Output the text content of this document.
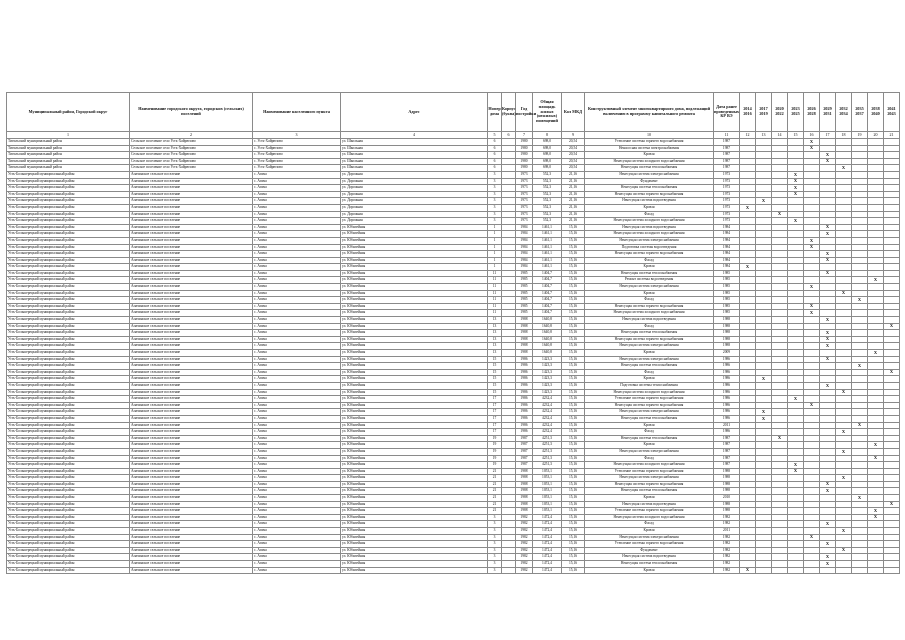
Муниципальный район, Городской округ	Наименование городского округа, городских (сельских) поселений	Наименование населенного пункта	Адрес	Номер дома	Корпус (буква)	Год постройки	Общая площадь жилых (нежилых) помещений	Кол МКД	Конструктивный элемент многоквартирного дома, подлежащий включению в программу капитального ремонта	Дата ранее проведенных КР ВЭ	2014 2016	2017 2019	2020 2022	2023 2025	2026 2028	2029 2031	2032 2034	2035 2037	2038 2040	2041 2043
1	2	3	4	5	6	7	8	9	10	11	12	13	14	15	16	17	18	19	20	21
Тигильский муниципальный район	Сельское поселение село Усть-Хайрюзово	с. Усть-Хайрюзово	ул. Школьная	6		1980	698,0	20,54	Утепление системы горячего водоснабжения	1987					X					
Тигильский муниципальный район	Сельское поселение село Усть-Хайрюзово	с. Усть-Хайрюзово	ул. Школьная	6		1980	698,0	20,54	Ненасосная система электроснабжения	1987					X					
Тигильский муниципальный район	Сельское поселение село Усть-Хайрюзово	с. Усть-Хайрюзово	ул. Школьная	6		1980	698,0	20,54	Кровля	1987						X				
Тигильский муниципальный район	Сельское поселение село Усть-Хайрюзово	с. Усть-Хайрюзово	ул. Школьная	6		1980	698,0	20,54	Ненесущая система холодного водоснабжения	1987						X				
Тигильский муниципальный район	Сельское поселение село Усть-Хайрюзово	с. Усть-Хайрюзово	ул. Школьная	6		1980	698,0	20,54	Ненесущая система теплоснабжения	1987							X			
Усть-Большерецкий муниципальный район	Апачинское сельское поселение	с. Апача	ул. Дорожная	3		1973	552,3	21,16	Ненесущая система электроснабжения	1973				X						
Усть-Большерецкий муниципальный район	Апачинское сельское поселение	с. Апача	ул. Дорожная	3		1973	552,3	21,16	Фундамент	1973				X						
Усть-Большерецкий муниципальный район	Апачинское сельское поселение	с. Апача	ул. Дорожная	3		1973	552,3	21,16	Ненесущая система теплоснабжения	1973				X						
Усть-Большерецкий муниципальный район	Апачинское сельское поселение	с. Апача	ул. Дорожная	3		1973	552,3	21,16	Ненесущая система горячего водоснабжения	1973				X						
Усть-Большерецкий муниципальный район	Апачинское сельское поселение	с. Апача	ул. Дорожная	3		1973	552,3	21,16	Ненесущая система водоотведения	1973		X								
Усть-Большерецкий муниципальный район	Апачинское сельское поселение	с. Апача	ул. Дорожная	3		1973	552,3	21,16	Кровля	1973	X									
Усть-Большерецкий муниципальный район	Апачинское сельское поселение	с. Апача	ул. Дорожная	3		1973	552,3	21,16	Фасад	1973			X							
Усть-Большерецкий муниципальный район	Апачинское сельское поселение	с. Апача	ул. Дорожная	3		1973	552,3	21,16	Ненесущая система холодного водоснабжения	1973				X						
Усть-Большерецкий муниципальный район	Апачинское сельское поселение	с. Апача	ул. Юбилейная	1		1984	1461,1	15,16	Ненесущая система водоотведения	1984						X				
Усть-Большерецкий муниципальный район	Апачинское сельское поселение	с. Апача	ул. Юбилейная	1		1984	1461,1	15,16	Ненесущая система холодного водоснабжения	1984						X				
Усть-Большерецкий муниципальный район	Апачинское сельское поселение	с. Апача	ул. Юбилейная	1		1984	1461,1	15,16	Ненесущая система электроснабжения	1984					X					
Усть-Большерецкий муниципальный район	Апачинское сельское поселение	с. Апача	ул. Юбилейная	1		1984	1461,1	15,16	Подготовка системы водоотведения	1984					X					
Усть-Большерецкий муниципальный район	Апачинское сельское поселение	с. Апача	ул. Юбилейная	1		1984	1461,1	15,16	Ненесущая система горячего водоснабжения	1984						X				
Усть-Большерецкий муниципальный район	Апачинское сельское поселение	с. Апача	ул. Юбилейная	1		1984	1461,1	15,16	Фасад	1984						X				
Усть-Большерецкий муниципальный район	Апачинское сельское поселение	с. Апача	ул. Юбилейная	1		1984	1461,1	15,16	Кровля	1984	X									
Усть-Большерецкий муниципальный район	Апачинское сельское поселение	с. Апача	ул. Юбилейная	11		1985	1404,7	15,16	Ненесущая система теплоснабжения	1985						X				
Усть-Большерецкий муниципальный район	Апачинское сельское поселение	с. Апача	ул. Юбилейная	11		1985	1404,7	15,16	Ремонт системы водоотведения	1985									X	
Усть-Большерецкий муниципальный район	Апачинское сельское поселение	с. Апача	ул. Юбилейная	11		1985	1404,7	15,16	Ненесущая система электроснабжения	1985					X					
Усть-Большерецкий муниципальный район	Апачинское сельское поселение	с. Апача	ул. Юбилейная	11		1985	1404,7	15,16	Кровля	1985							X			
Усть-Большерецкий муниципальный район	Апачинское сельское поселение	с. Апача	ул. Юбилейная	11		1985	1404,7	15,16	Фасад	1985								X		
Усть-Большерецкий муниципальный район	Апачинское сельское поселение	с. Апача	ул. Юбилейная	11		1985	1404,7	15,16	Ненесущая система горячего водоснабжения	1985					X					
Усть-Большерецкий муниципальный район	Апачинское сельское поселение	с. Апача	ул. Юбилейная	11		1985	1404,7	15,16	Ненесущая система холодного водоснабжения	1985					X					
Усть-Большерецкий муниципальный район	Апачинское сельское поселение	с. Апача	ул. Юбилейная	13		1988	1640,8	15,16	Ненесущая система водоотведения	1988						X				
Усть-Большерецкий муниципальный район	Апачинское сельское поселение	с. Апача	ул. Юбилейная	13		1988	1640,8	15,16	Фасад	1988										X
Усть-Большерецкий муниципальный район	Апачинское сельское поселение	с. Апача	ул. Юбилейная	13		1988	1640,8	15,16	Ненесущая система теплоснабжения	1988						X				
Усть-Большерецкий муниципальный район	Апачинское сельское поселение	с. Апача	ул. Юбилейная	13		1988	1640,8	15,16	Ненесущая система горячего водоснабжения	1988						X				
Усть-Большерецкий муниципальный район	Апачинское сельское поселение	с. Апача	ул. Юбилейная	13		1988	1640,8	15,16	Ненесущая система электроснабжения	1988						X				
Усть-Большерецкий муниципальный район	Апачинское сельское поселение	с. Апача	ул. Юбилейная	13		1988	1640,8	15,16	Кровля	2009									X	
Усть-Большерецкий муниципальный район	Апачинское сельское поселение	с. Апача	ул. Юбилейная	15		1986	1423,3	15,16	Ненесущая система электроснабжения	1986						X				
Усть-Большерецкий муниципальный район	Апачинское сельское поселение	с. Апача	ул. Юбилейная	15		1986	1423,3	15,16	Ненесущая система теплоснабжения	1986								X		
Усть-Большерецкий муниципальный район	Апачинское сельское поселение	с. Апача	ул. Юбилейная	15		1986	1423,3	15,16	Фасад	1986										X
Усть-Большерецкий муниципальный район	Апачинское сельское поселение	с. Апача	ул. Юбилейная	15		1986	1423,3	15,16	Кровля	1986		X								
Усть-Большерецкий муниципальный район	Апачинское сельское поселение	с. Апача	ул. Юбилейная	15		1986	1423,3	15,16	Подготовка системы теплоснабжения	1986						X				
Усть-Большерецкий муниципальный район	Апачинское сельское поселение	с. Апача	ул. Юбилейная	15		1986	1423,3	15,16	Ненесущая система холодного водоснабжения	1986							X			
Усть-Большерецкий муниципальный район	Апачинское сельское поселение	с. Апача	ул. Юбилейная	17		1986	4232,4	15,16	Утепление системы горячего водоснабжения	1986				X						
Усть-Большерецкий муниципальный район	Апачинское сельское поселение	с. Апача	ул. Юбилейная	17		1986	4232,4	15,16	Ненесущая система горячего водоснабжения	1986					X					
Усть-Большерецкий муниципальный район	Апачинское сельское поселение	с. Апача	ул. Юбилейная	17		1986	4232,4	15,16	Ненесущая система электроснабжения	1986		X								
Усть-Большерецкий муниципальный район	Апачинское сельское поселение	с. Апача	ул. Юбилейная	17		1986	4232,4	15,16	Ненесущая система теплоснабжения	1986		X								
Усть-Большерецкий муниципальный район	Апачинское сельское поселение	с. Апача	ул. Юбилейная	17		1986	4232,4	15,16	Кровля	2011								X		
Усть-Большерецкий муниципальный район	Апачинское сельское поселение	с. Апача	ул. Юбилейная	17		1986	4232,4	15,16	Фасад	1986							X			
Усть-Большерецкий муниципальный район	Апачинское сельское поселение	с. Апача	ул. Юбилейная	19		1987	4251,3	15,16	Ненесущая система теплоснабжения	1987			X							
Усть-Большерецкий муниципальный район	Апачинское сельское поселение	с. Апача	ул. Юбилейная	19		1987	4251,3	15,16	Кровля	1987									X	
Усть-Большерецкий муниципальный район	Апачинское сельское поселение	с. Апача	ул. Юбилейная	19		1987	4251,3	15,16	Ненесущая система электроснабжения	1987							X			
Усть-Большерецкий муниципальный район	Апачинское сельское поселение	с. Апача	ул. Юбилейная	19		1987	4251,3	15,16	Фасад	1987									X	
Усть-Большерецкий муниципальный район	Апачинское сельское поселение	с. Апача	ул. Юбилейная	19		1987	4251,3	15,16	Ненесущая система холодного водоснабжения	1987				X						
Усть-Большерецкий муниципальный район	Апачинское сельское поселение	с. Апача	ул. Юбилейная	21		1988	1053,1	15,16	Утепление системы горячего водоснабжения	1988				X						
Усть-Большерецкий муниципальный район	Апачинское сельское поселение	с. Апача	ул. Юбилейная	21		1988	1053,1	15,16	Ненесущая система электроснабжения	1988							X			
Усть-Большерецкий муниципальный район	Апачинское сельское поселение	с. Апача	ул. Юбилейная	21		1988	1053,1	15,16	Ненесущая система горячего водоснабжения	1988						X				
Усть-Большерецкий муниципальный район	Апачинское сельское поселение	с. Апача	ул. Юбилейная	21		1988	1053,1	15,16	Ненесущая система теплоснабжения	1988						X				
Усть-Большерецкий муниципальный район	Апачинское сельское поселение	с. Апача	ул. Юбилейная	21		1988	1053,1	15,16	Кровля	2010								X		
Усть-Большерецкий муниципальный район	Апачинское сельское поселение	с. Апача	ул. Юбилейная	21		1988	1053,1	15,16	Ненесущая система водоотведения	1988										X
Усть-Большерецкий муниципальный район	Апачинское сельское поселение	с. Апача	ул. Юбилейная	21		1988	1053,1	15,16	Утепление системы горячего водоснабжения	1988									X	
Усть-Большерецкий муниципальный район	Апачинское сельское поселение	с. Апача	ул. Юбилейная	3		1982	1472,4	15,16	Ненесущая система холодного водоснабжения	1982									X	
Усть-Большерецкий муниципальный район	Апачинское сельское поселение	с. Апача	ул. Юбилейная	3		1982	1472,4	15,16	Фасад	1982						X				
Усть-Большерецкий муниципальный район	Апачинское сельское поселение	с. Апача	ул. Юбилейная	3		1982	1472,4	15,16	Кровля	2011							X			
Усть-Большерецкий муниципальный район	Апачинское сельское поселение	с. Апача	ул. Юбилейная	3		1982	1472,4	15,16	Ненесущая система электроснабжения	1982					X					
Усть-Большерецкий муниципальный район	Апачинское сельское поселение	с. Апача	ул. Юбилейная	3		1982	1472,4	15,16	Утепление системы горячего водоснабжения	1982						X				
Усть-Большерецкий муниципальный район	Апачинское сельское поселение	с. Апача	ул. Юбилейная	3		1982	1472,4	15,16	Фундамент	1982							X			
Усть-Большерецкий муниципальный район	Апачинское сельское поселение	с. Апача	ул. Юбилейная	3		1982	1472,4	15,16	Ненесущая система водоотведения	1982						X				
Усть-Большерецкий муниципальный район	Апачинское сельское поселение	с. Апача	ул. Юбилейная	3		1982	1472,4	15,16	Ненесущая система теплоснабжения	1982						X				
Усть-Большерецкий муниципальный район	Апачинское сельское поселение	с. Апача	ул. Юбилейная	3		1982	1472,4	15,16	Кровля	1982	X									
